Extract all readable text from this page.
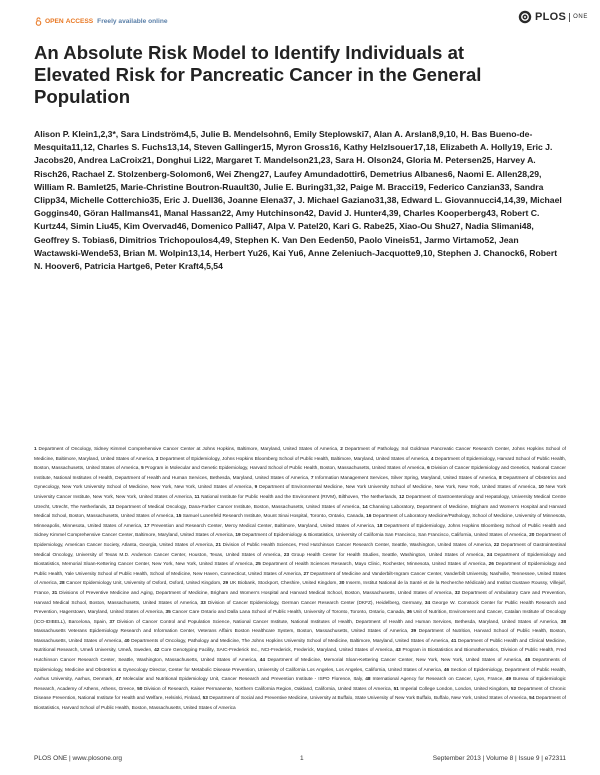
OPEN ACCESS Freely available online	PLOS ONE
An Absolute Risk Model to Identify Individuals at Elevated Risk for Pancreatic Cancer in the General Population

Alison P. Klein1,2,3*, Sara Lindström4,5, Julie B. Mendelsohn6, Emily Steplowski7, Alan A. Arslan8,9,10, H. Bas Bueno-de-Mesquita11,12, Charles S. Fuchs13,14, Steven Gallinger15, Myron Gross16, Kathy Helzlsouer17,18, Elizabeth A. Holly19, Eric J. Jacobs20, Andrea LaCroix21, Donghui Li22, Margaret T. Mandelson21,23, Sara H. Olson24, Gloria M. Petersen25, Harvey A. Risch26, Rachael Z. Stolzenberg-Solomon6, Wei Zheng27, Laufey Amundadottir6, Demetrius Albanes6, Naomi E. Allen28,29, William R. Bamlet25, Marie-Christine Boutron-Ruault30, Julie E. Buring31,32, Paige M. Bracci19, Federico Canzian33, Sandra Clipp34, Michelle Cotterchio35, Eric J. Duell36, Joanne Elena37, J. Michael Gaziano31,38, Edward L. Giovannucci4,14,39, Michael Goggins40, Göran Hallmans41, Manal Hassan22, Amy Hutchinson42, David J. Hunter4,39, Charles Kooperberg43, Robert C. Kurtz44, Simin Liu45, Kim Overvad46, Domenico Palli47, Alpa V. Patel20, Kari G. Rabe25, Xiao-Ou Shu27, Nadia Slimani48, Geoffrey S. Tobias6, Dimitrios Trichopoulos4,49, Stephen K. Van Den Eeden50, Paolo Vineis51, Jarmo Virtamo52, Jean Wactawski-Wende53, Brian M. Wolpin13,14, Herbert Yu26, Kai Yu6, Anne Zeleniuch-Jacquotte9,10, Stephen J. Chanock6, Robert N. Hoover6, Patricia Hartge6, Peter Kraft4,5,54

1 Department of Oncology, Sidney Kimmel Comprehensive Cancer Center at Johns Hopkins, Baltimore, Maryland, United States of America, 2 Department of Pathology, Sol Goldman Pancreatic Cancer Research Center, Johns Hopkins School of Medicine, Baltimore, Maryland, United States of America, 3 Department of Epidemiology, Johns Hopkins Bloomberg School of Public Health, Baltimore, Maryland, United States of America, 4 Department of Epidemiology, Harvard School of Public Health, Boston, Massachusetts, United States of America, 5 Program in Molecular and Genetic Epidemiology, Harvard School of Public Health, Boston, Massachusetts, United States of America, 6 Division of Cancer Epidemiology and Genetics, National Cancer Institute, National Institutes of Health, Department of Health and Human Services, Bethesda, Maryland, United States of America, 7 Information Management Services, Silver Spring, Maryland, United States of America, 8 Department of Obstetrics and Gynecology, New York University School of Medicine, New York, New York, United States of America, 9 Department of Environmental Medicine, New York University School of Medicine, New York, New York, United States of America, 10 New York University Cancer Institute, New York, New York, United States of America, 11 National Institute for Public Health and the Environment (RIVM), Bilthoven, The Netherlands, 12 Department of Gastroenterology and Hepatology, University Medical Centre Utrecht, Utrecht, The Netherlands, 13 Department of Medical Oncology, Dana-Farber Cancer Institute, Boston, Massachusetts, United States of America, 14 Channing Laboratory, Department of Medicine, Brigham and Women's Hospital and Harvard Medical School, Boston, Massachusetts, United States of America, 15 Samuel Lunenfeld Research Institute, Mount Sinai Hospital, Toronto, Ontario, Canada, 16 Department of Laboratory Medicine/Pathology, School of Medicine, University of Minnesota, Minneapolis, Minnesota, United States of America, 17 Prevention and Research Center, Mercy Medical Center, Baltimore, Maryland, United States of America, 18 Department of Epidemiology, Johns Hopkins Bloomberg School of Public Health and Sidney Kimmel Comprehensive Cancer Center, Baltimore, Maryland, United States of America, 19 Department of Epidemiology & Biostatistics, University of California San Francisco, San Francisco, California, United States of America, 20 Department of Epidemiology, American Cancer Society, Atlanta, Georgia, United States of America, 21 Division of Public Health Sciences, Fred Hutchinson Cancer Research Center, Seattle, Washington, United States of America, 22 Department of Gastrointestinal Medical Oncology, University of Texas M.D. Anderson Cancer Center, Houston, Texas, United States of America, 23 Group Health Center for Health Studies, Seattle, Washington, United States of America, 24 Department of Epidemiology and Biostatistics, Memorial Sloan-Kettering Cancer Center, New York, New York, United States of America, 25 Department of Health Sciences Research, Mayo Clinic, Rochester, Minnesota, United States of America, 26 Department of Epidemiology and Public Health, Yale University School of Public Health, School of Medicine, New Haven, Connecticut, United States of America, 27 Department of Medicine and Vanderbilt-Ingram Cancer Center, Vanderbilt University, Nashville, Tennessee, United States of America, 28 Cancer Epidemiology Unit, University of Oxford, Oxford, United Kingdom, 29 UK Biobank, Stockport, Cheshire, United Kingdom, 30 Inserm, Institut National de la Santé et de la Recherche Médicale) and Institut Gustave Roussy, Villejuif, France, 31 Divisions of Preventive Medicine and Aging, Department of Medicine, Brigham and Women's Hospital and Harvard Medical School, Boston, Massachusetts, United States of America, 32 Department of Ambulatory Care and Prevention, Harvard Medical School, Boston, Massachusetts, United States of America, 33 Division of Cancer Epidemiology, German Cancer Research Center (DKFZ), Heidelberg, Germany, 34 George W. Comstock Center for Public Health Research and Prevention, Hagerstown, Maryland, United States of America, 35 Cancer Care Ontario and Dalla Lana School of Public Health, University of Toronto, Toronto, Ontario, Canada, 36 Unit of Nutrition, Environment and Cancer, Catalan Institute of Oncology (ICO-IDIBELL), Barcelona, Spain, 37 Division of Cancer Control and Population Science, National Cancer Institute, National Institutes of Health, Department of Health and Human Services, Bethesda, Maryland, United States of America, 38 Massachusetts Veterans Epidemiology Research and Information Center, Veterans Affairs Boston Healthcare System, Boston, Massachusetts, United States of America, 39 Department of Nutrition, Harvard School of Public Health, Boston, Massachusetts, United States of America, 40 Departments of Oncology, Pathology and Medicine, The Johns Hopkins University School of Medicine, Baltimore, Maryland, United States of America, 41 Department of Public Health and Clinical Medicine, Nutritional Research, Umeå University, Umeå, Sweden, 42 Core Genotyping Facility, SAIC-Frederick Inc., NCI-Frederick, Frederick, Maryland, United States of America, 43 Program in Biostatistics and Biomathematics, Division of Public Health, Fred Hutchinson Cancer Research Center, Seattle, Washington, Massachusetts, United States of America, 44 Department of Medicine, Memorial Sloan-Kettering Cancer Center, New York, New York, United States of America, 45 Departments of Epidemiology, Medicine and Obstetrics & Gynecology Director, Center for Metabolic Disease Prevention, University of California Los Angeles, Los Angeles, California, United States of America, 46 Section of Epidemiology, Department of Public Health, Aarhus University, Aarhus, Denmark, 47 Molecular and Nutritional Epidemiology Unit, Cancer Research and Prevention Institute - ISPO Florence, Italy, 48 International Agency for Research on Cancer, Lyon, France, 49 Bureau of Epidemiologic Research, Academy of Athens, Athens, Greece, 50 Division of Research, Kaiser Permanente, Northern California Region, Oakland, California, United States of America, 51 Imperial College London, London, United Kingdom, 52 Department of Chronic Disease Prevention, National Institute for Health and Welfare, Helsinki, Finland, 53 Department of Social and Preventive Medicine, University at Buffalo, State University of New York Buffalo, Buffalo, New York, United States of America, 54 Department of Biostatistics, Harvard School of Public Health, Boston, Massachusetts, United States of America

PLOS ONE | www.plosone.org	1	September 2013 | Volume 8 | Issue 9 | e72311
